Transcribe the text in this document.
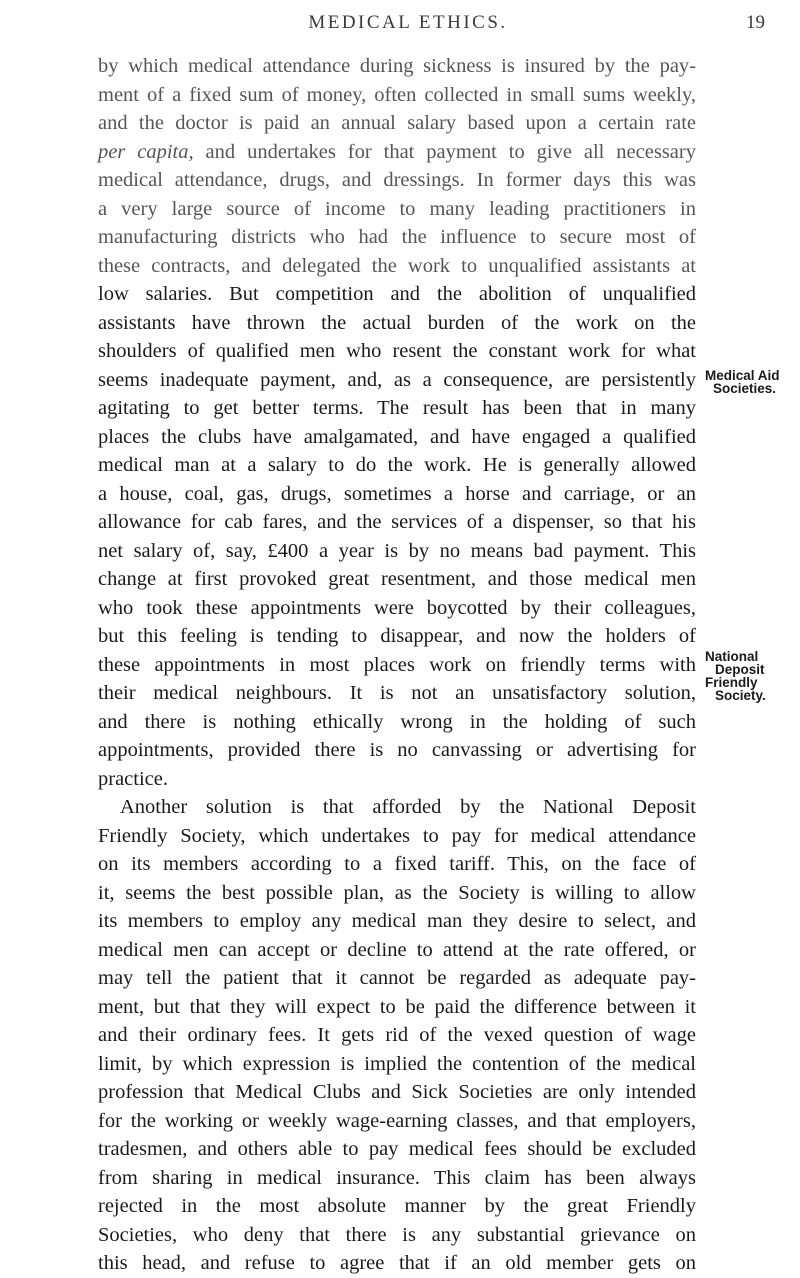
MEDICAL ETHICS.	19
by which medical attendance during sickness is insured by the pay-
ment of a fixed sum of money, often collected in small sums weekly,
and the doctor is paid an annual salary based upon a certain rate
per capita, and undertakes for that payment to give all necessary
medical attendance, drugs, and dressings. In former days this was
a very large source of income to many leading practitioners in
manufacturing districts who had the influence to secure most of
these contracts, and delegated the work to unqualified assistants at
low salaries. But competition and the abolition of unqualified
assistants have thrown the actual burden of the work on the
shoulders of qualified men who resent the constant work for what
seems inadequate payment, and, as a consequence, are persistently
agitating to get better terms. The result has been that in many
places the clubs have amalgamated, and have engaged a qualified
medical man at a salary to do the work. He is generally allowed
a house, coal, gas, drugs, sometimes a horse and carriage, or an
allowance for cab fares, and the services of a dispenser, so that his
net salary of, say, £400 a year is by no means bad payment. This
change at first provoked great resentment, and those medical men
who took these appointments were boycotted by their colleagues,
but this feeling is tending to disappear, and now the holders of
these appointments in most places work on friendly terms with
their medical neighbours. It is not an unsatisfactory solution,
and there is nothing ethically wrong in the holding of such
appointments, provided there is no canvassing or advertising for
practice.
Another solution is that afforded by the National Deposit
Friendly Society, which undertakes to pay for medical attendance
on its members according to a fixed tariff. This, on the face of
it, seems the best possible plan, as the Society is willing to allow
its members to employ any medical man they desire to select, and
medical men can accept or decline to attend at the rate offered, or
may tell the patient that it cannot be regarded as adequate pay-
ment, but that they will expect to be paid the difference between it
and their ordinary fees. It gets rid of the vexed question of wage
limit, by which expression is implied the contention of the medical
profession that Medical Clubs and Sick Societies are only intended
for the working or weekly wage-earning classes, and that employers,
tradesmen, and others able to pay medical fees should be excluded
from sharing in medical insurance. This claim has been always
rejected in the most absolute manner by the great Friendly
Societies, who deny that there is any substantial grievance on
this head, and refuse to agree that if an old member gets on
Medical Aid
Societies.
National
Deposit
Friendly
Society.
